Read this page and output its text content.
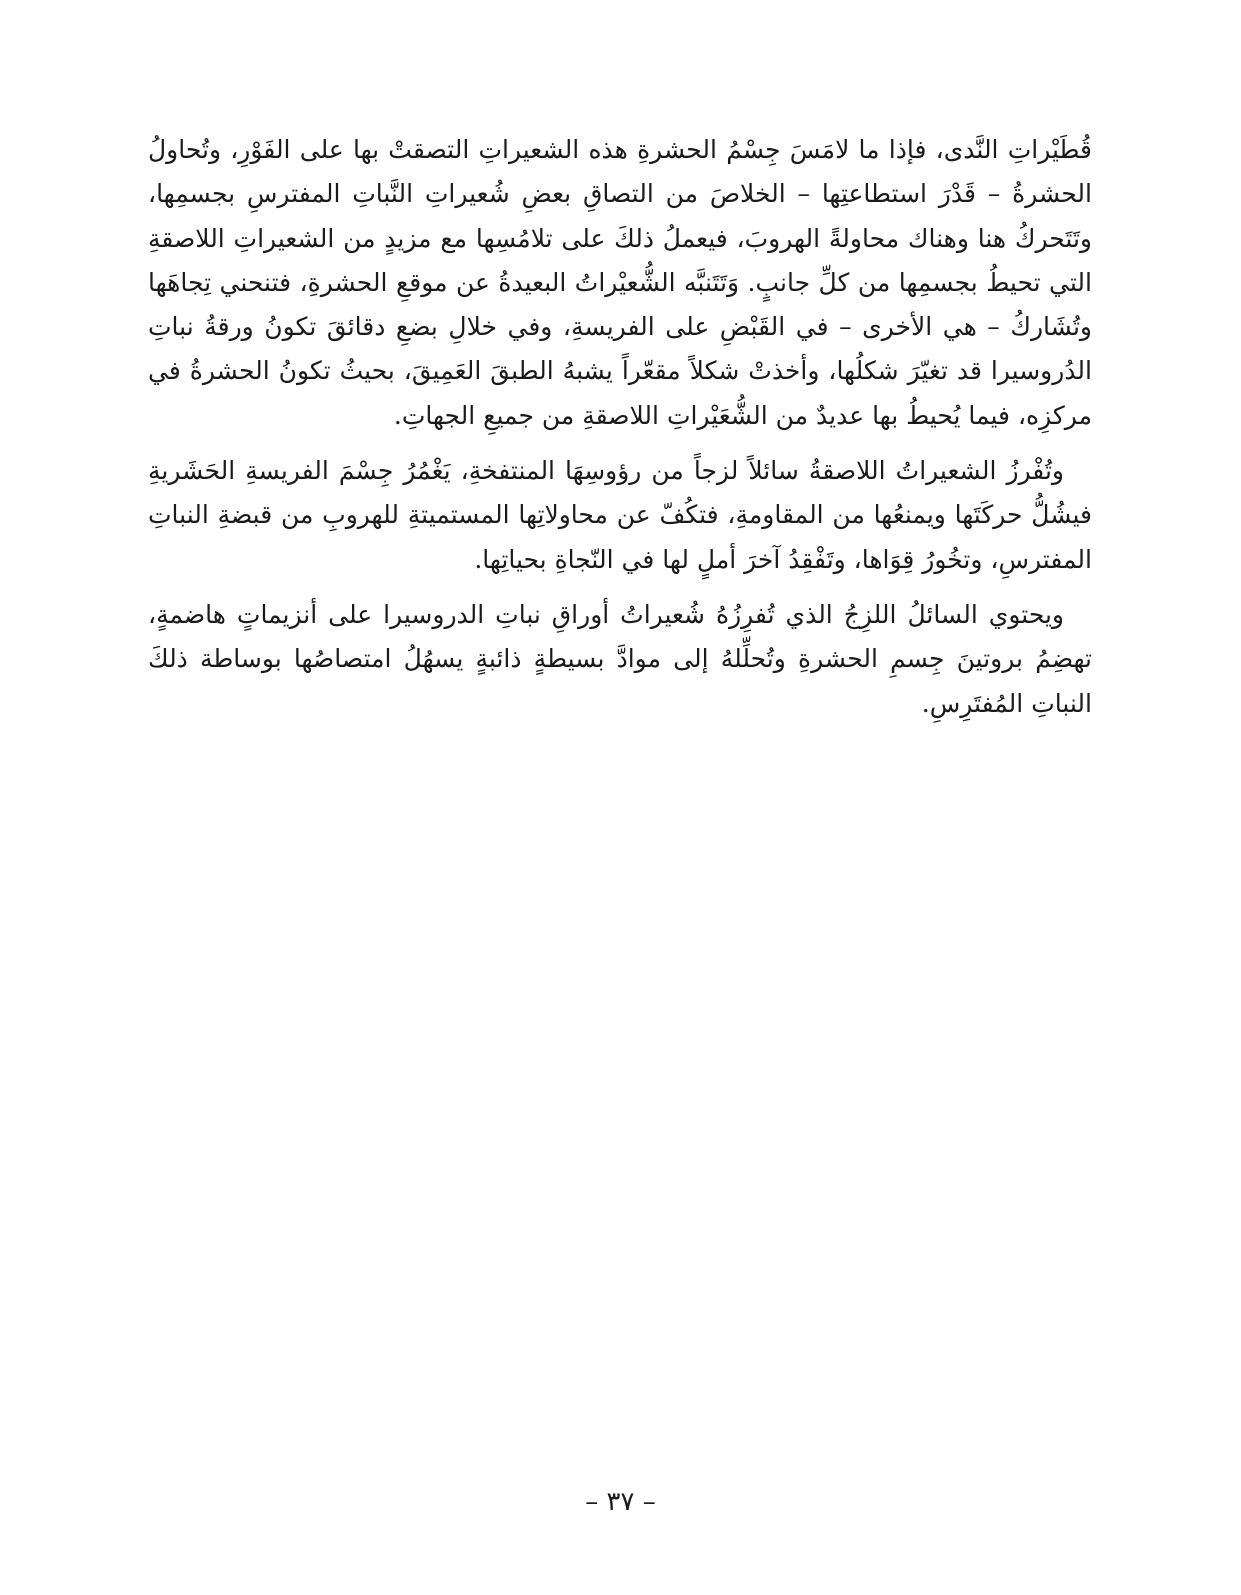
قُطَيْراتِ النَّدى، فإذا ما لامَسَ جِسْمُ الحشرةِ هذه الشعيراتِ التصقتْ بها على الفَوْرِ، وتُحاولُ الحشرةُ – قَدْرَ استطاعتِها – الخلاصَ من التصاقِ بعضِ شُعيراتِ النَّباتِ المفترسِ بجسمِها، وتَتَحركُ هنا وهناك محاولةً الهروبَ، فيعملُ ذلكَ على تلامُسِها مع مزيدٍ من الشعيراتِ اللاصقةِ التي تحيطُ بجسمِها من كلِّ جانبٍ. وَتَتَنبَّه الشُّعيْراتُ البعيدةُ عن موقعِ الحشرةِ، فتنحني تِجاهَها وتُشَاركُ – هي الأخرى – في القَبْضِ على الفريسةِ، وفي خلالِ بضعِ دقائقَ تكونُ ورقةُ نباتِ الدُروسيرا قد تغيّرَ شكلُها، وأخذتْ شكلاً مقعّراً يشبهُ الطبقَ العَمِيقَ، بحيثُ تكونُ الحشرةُ في مركزِه، فيما يُحيطُ بها عديدٌ من الشُّعَيْراتِ اللاصقةِ من جميعِ الجهاتِ.

وتُفْرزُ الشعيراتُ اللاصقةُ سائلاً لزجاً من رؤوسِهَا المنتفخةِ، يَغْمُرُ جِسْمَ الفريسةِ الحَشَريةِ فيشُلُّ حركَتَها ويمنعُها من المقاومةِ، فتكُفّ عن محاولاتِها المستميتةِ للهروبِ من قبضةِ النباتِ المفترسِ، وتخُورُ قِوَاها، وتَفْقِدُ آخرَ أملٍ لها في النّجاةِ بحياتِها.

ويحتوي السائلُ اللزِجُ الذي تُفرِزُهُ شُعيراتُ أوراقِ نباتِ الدروسيرا على أنزيماتٍ هاضمةٍ، تهضِمُ بروتينَ جِسمِ الحشرةِ وتُحلِّلهُ إلى موادَّ بسيطةٍ ذائبةٍ يسهُلُ امتصاصُها بوساطة ذلكَ النباتِ المُفتَرِسِ.

– ٣٧ –
